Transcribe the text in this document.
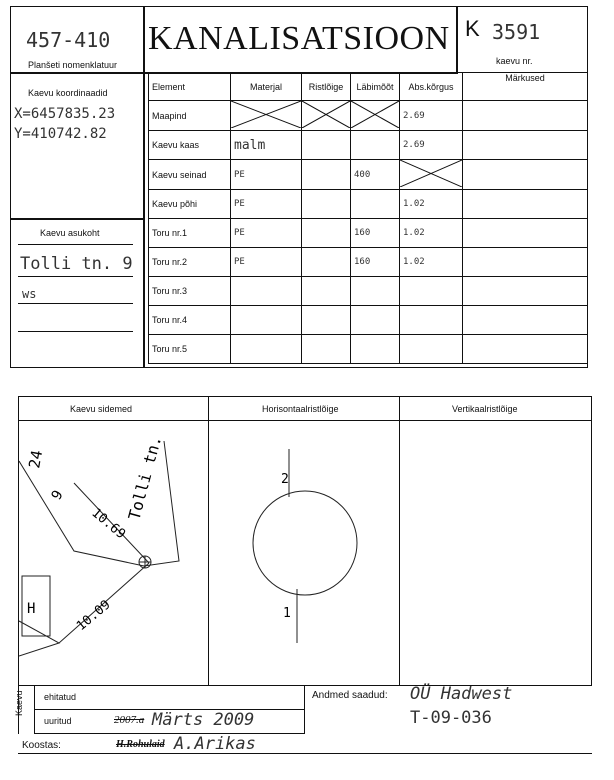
457-410
Planšeti nomenklatuur
KANALISATSIOON K 3591
kaevu nr.
Kaevu koordinaadid
X=6457835.23
Y=410742.82
Kaevu asukoht
Tolli tn. 9
ws
Element	Materjal	Ristlõige	Läbimõõt	Abs.kõrgus	Märkused
Maapind				2.69	
Kaevu kaas	malm			2.69	
Kaevu seinad	PE		400		
Kaevu põhi	PE			1.02	
Toru nr.1	PE		160	1.02	
Toru nr.2	PE		160	1.02	
Toru nr.3					
Toru nr.4					
Toru nr.5					
Kaevu sidemed	Horisontaalristlõige	Vertikaalristlõige
24
9
10.69
Tolli tn.
10.09
H
2
1
Kaevu ehitatud
uuritud	2007.a Märts 2009
Andmed saadud: OÜ Hadwest
T-09-036
Koostas:	H.Rohulaid A.Arikas
